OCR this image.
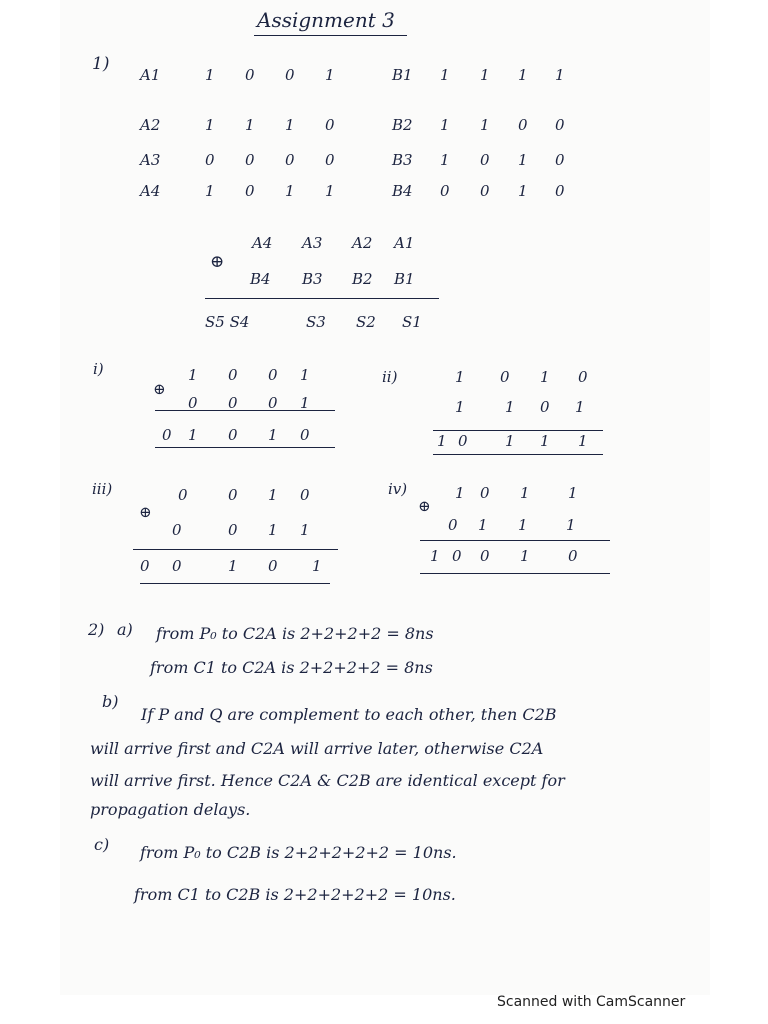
Assignment 3
1)
A1	1 0 0 1
A2	1 1 1 0
A3	0 0 0 0
A4	1 0 1 1
B1 1 1 1 1
B2 1 1 0 0
B3 1 0 1 0
B4 0 0 1 0
⊕
A4 A3 A2 A1
B4 B3 B2 B1
S5 S4	S3 S2 S1
i)
⊕
1 0 0 1
0 0 0 1
0 1 0 1 0
ii)	1 0 1 0
1	1 0 1
1 0 1 1 1
iii)
⊕
0	0 1 0
0	0 1 1
0 0	1 0 1
iv)
⊕
1 0 1	1
0 1 1	1
1 0 0 1	0
2) a) from P₀ to C2A is 2+2+2+2 = 8ns
from C1 to C2A is 2+2+2+2 = 8ns
b)
If P and Q are complement to each other, then C2B
will arrive first and C2A will arrive later, otherwise C2A
will arrive first. Hence C2A & C2B are identical except for
propagation delays.
c) from P₀ to C2B is 2+2+2+2+2 = 10ns.
from C1 to C2B is 2+2+2+2+2 = 10ns.
Scanned with CamScanner
